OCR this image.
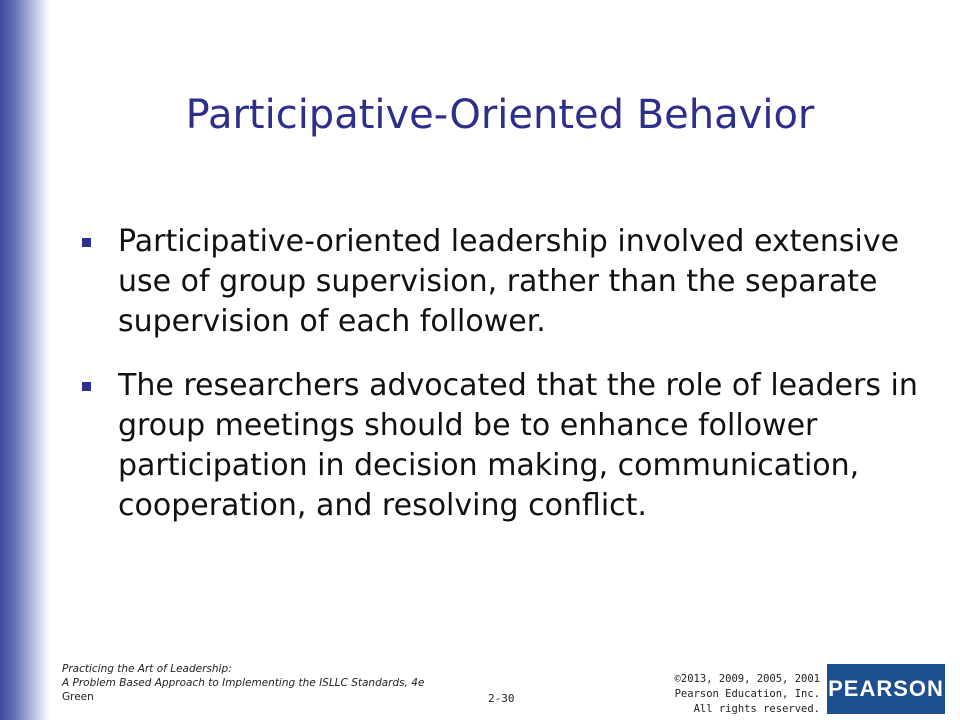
Participative-Oriented Behavior
Participative-oriented leadership involved extensive use of group supervision, rather than the separate supervision of each follower.
The researchers advocated that the role of leaders in group meetings should be to enhance follower participation in decision making, communication, cooperation, and resolving conflict.
Practicing the Art of Leadership:
A Problem Based Approach to Implementing the ISLLC Standards, 4e
Green	2-30
©2013, 2009, 2005, 2001
Pearson Education, Inc.
All rights reserved.
PEARSON
